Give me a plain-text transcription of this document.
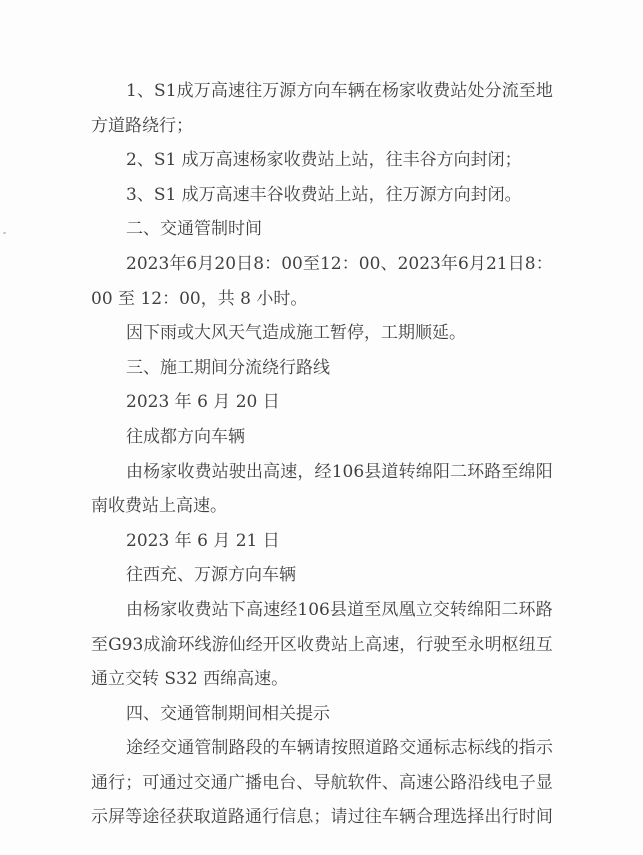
1 、 S1 成 万 高 速 往 万 源 方 向 车 辆 在 杨 家 收 费 站 处 分 流 至 地
方道路绕行；
2、S1 成万高速杨家收费站上站，往丰谷方向封闭；
3、S1 成万高速丰谷收费站上站，往万源方向封闭。
二、交通管制时间
2023 年 6 月 20 日 8 ： 00 至 12 ： 00 、 2023 年 6 月 21 日 8 ：
00 至 12：00，共 8 小时。
因下雨或大风天气造成施工暂停，工期顺延。
三、施工期间分流绕行路线
2023 年 6 月 20 日
往成都方向车辆
由 杨 家 收 费 站 驶 出 高 速 ， 经 106 县 道 转 绵 阳 二 环 路 至 绵 阳
南收费站上高速。
2023 年 6 月 21 日
往西充、万源方向车辆
由 杨 家 收 费 站 下 高 速 经 106 县 道 至 凤 凰 立 交 转 绵 阳 二 环 路
至 G93 成 渝 环 线 游 仙 经 开 区 收 费 站 上 高 速 ， 行 驶 至 永 明 枢 纽 互
通立交转 S32 西绵高速。
四、交通管制期间相关提示
途 经 交 通 管 制 路 段 的 车 辆 请 按 照 道 路 交 通 标 志 标 线 的 指 示
通 行 ； 可 通 过 交 通 广 播 电 台 、 导 航 软 件 、 高 速 公 路 沿 线 电 子 显
示 屏 等 途 径 获 取 道 路 通 行 信 息 ； 请 过 往 车 辆 合 理 选 择 出 行 时 间
